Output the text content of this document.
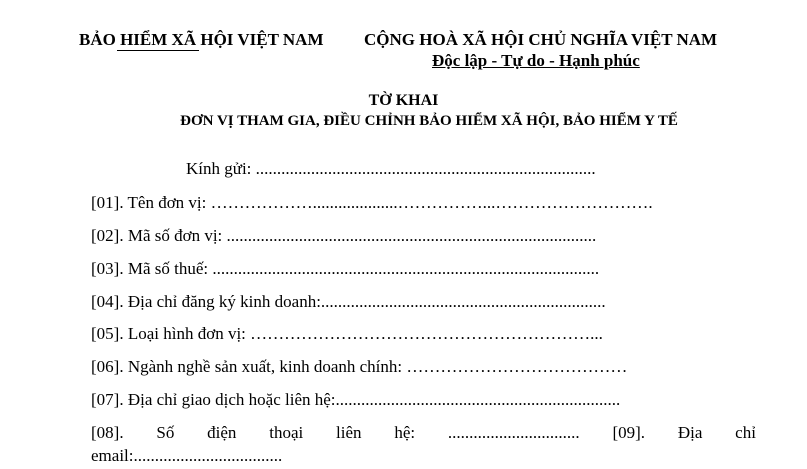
BẢO HIỂM XÃ HỘI VIỆT NAM CỘNG HOÀ XÃ HỘI CHỦ NGHĨA VIỆT NAM
Độc lập - Tự do - Hạnh phúc
TỜ KHAI
ĐƠN VỊ THAM GIA, ĐIỀU CHỈNH BẢO HIỂM XÃ HỘI, BẢO HIỂM Y TẾ
Kính gửi: ................................................................................
[01]. Tên đơn vị: ………………....................……………...……………………….
[02]. Mã số đơn vị: .......................................................................................
[03]. Mã số thuế: ...........................................................................................
[04]. Địa chỉ đăng ký kinh doanh:...................................................................
[05]. Loại hình đơn vị: ……………………………………………………...
[06]. Ngành nghề sản xuất, kinh doanh chính: …………………………………
[07]. Địa chỉ giao dịch hoặc liên hệ:...................................................................
[08]. Số điện thoại liên hệ: ............................... [09]. Địa chỉ
email:...................................
